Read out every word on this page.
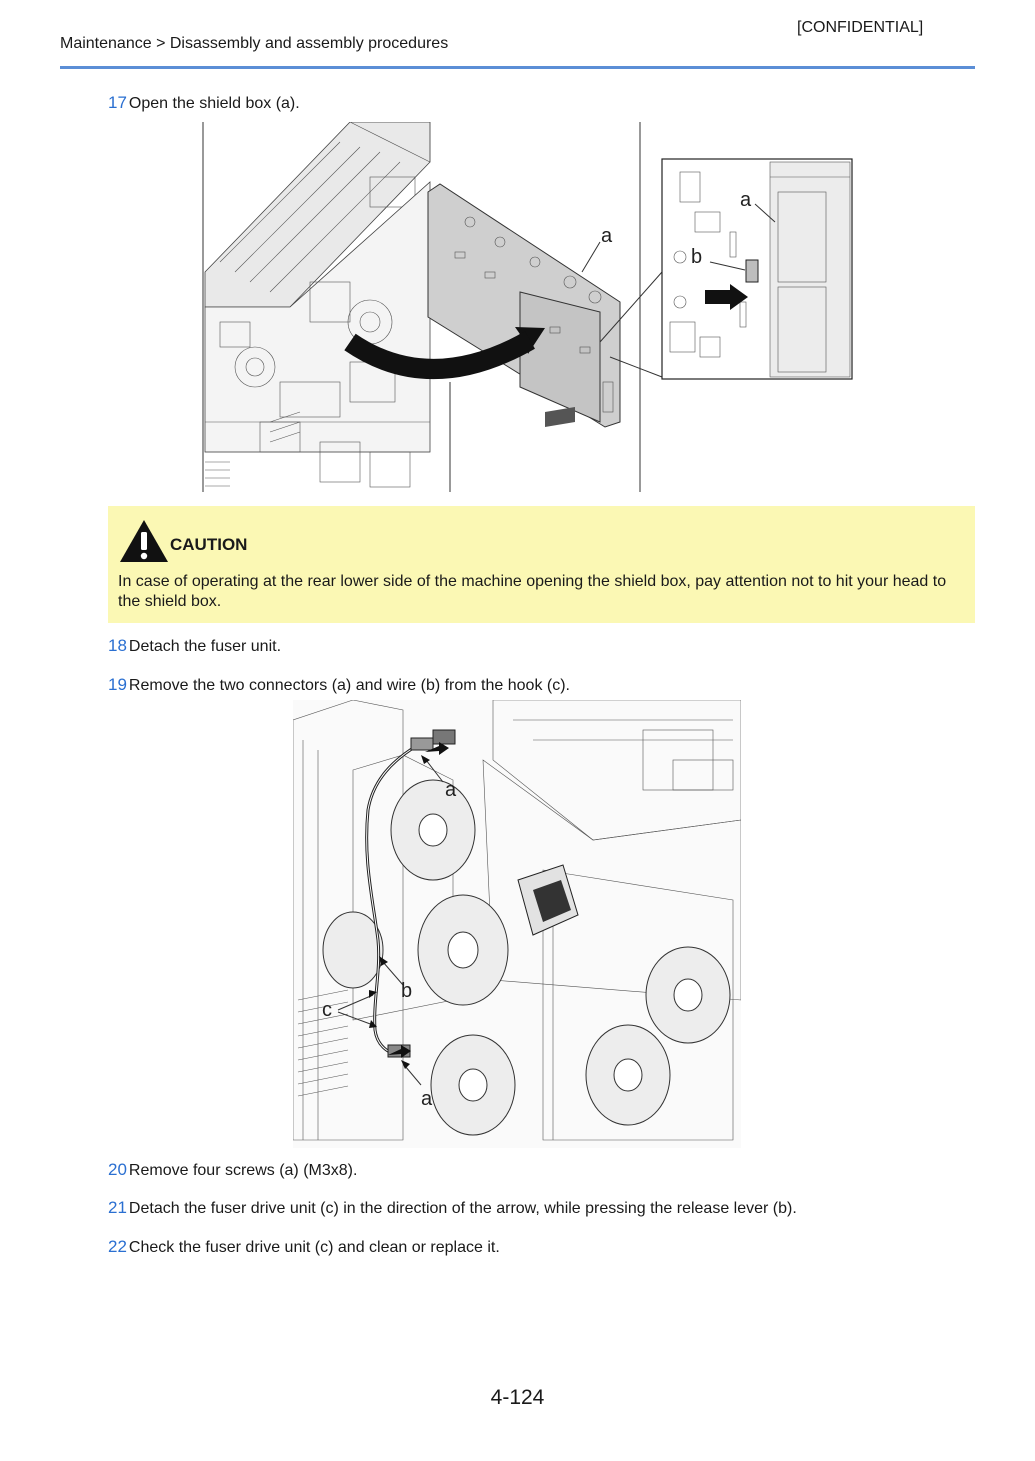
[CONFIDENTIAL]
Maintenance > Disassembly and assembly procedures
17 Open the shield box (a).
a
a
b
CAUTION
In case of operating at the rear lower side of the machine opening the shield box, pay attention not to hit your head to the shield box.
18 Detach the fuser unit.
19 Remove the two connectors (a) and wire (b) from the hook (c).
a
b
c
a
20 Remove four screws (a) (M3x8).
21 Detach the fuser drive unit (c) in the direction of the arrow, while pressing the release lever (b).
22 Check the fuser drive unit (c) and clean or replace it.
4-124
